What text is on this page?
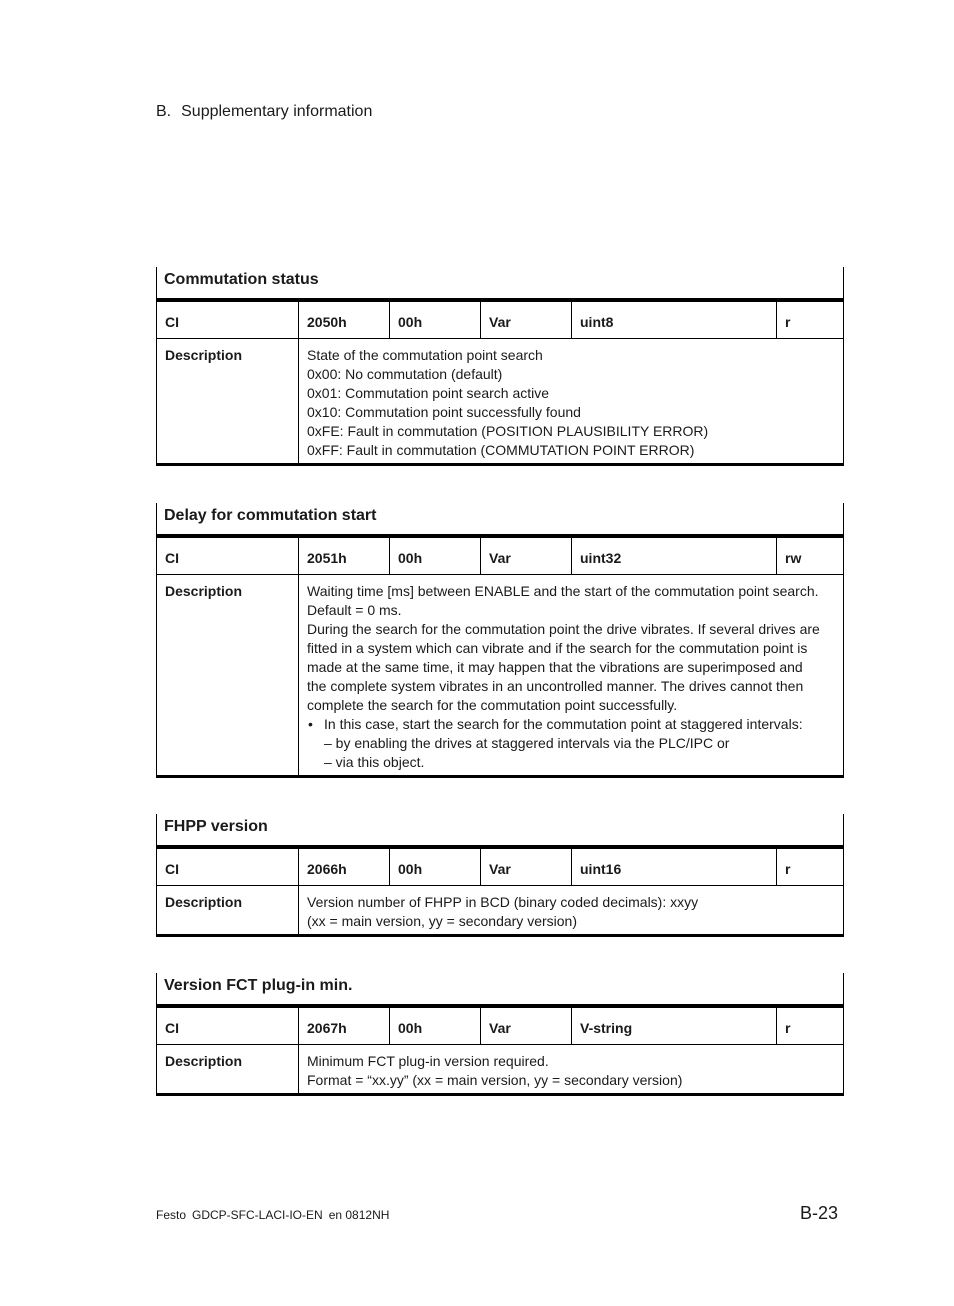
B. Supplementary information
Commutation status
CI	2050h	00h	Var	uint8	r
Description	State of the commutation point search
0x00: No commutation (default)
0x01: Commutation point search active
0x10: Commutation point successfully found
0xFE: Fault in commutation (POSITION PLAUSIBILITY ERROR)
0xFF: Fault in commutation (COMMUTATION POINT ERROR)
Delay for commutation start
CI	2051h	00h	Var	uint32	rw
Description	Waiting time [ms] between ENABLE and the start of the commutation point search.
Default = 0 ms.
During the search for the commutation point the drive vibrates. If several drives are
fitted in a system which can vibrate and if the search for the commutation point is
made at the same time, it may happen that the vibrations are superimposed and
the complete system vibrates in an uncontrolled manner. The drives cannot then
complete the search for the commutation point successfully.
• In this case, start the search for the commutation point at staggered intervals:
– by enabling the drives at staggered intervals via the PLC/IPC or
– via this object.
FHPP version
CI	2066h	00h	Var	uint16	r
Description	Version number of FHPP in BCD (binary coded decimals): xxyy
(xx = main version, yy = secondary version)
Version FCT plug-in min.
CI	2067h	00h	Var	V-string	r
Description	Minimum FCT plug-in version required.
Format = “xx.yy” (xx = main version, yy = secondary version)
Festo GDCP-SFC-LACI-IO-EN en 0812NH	B-23
